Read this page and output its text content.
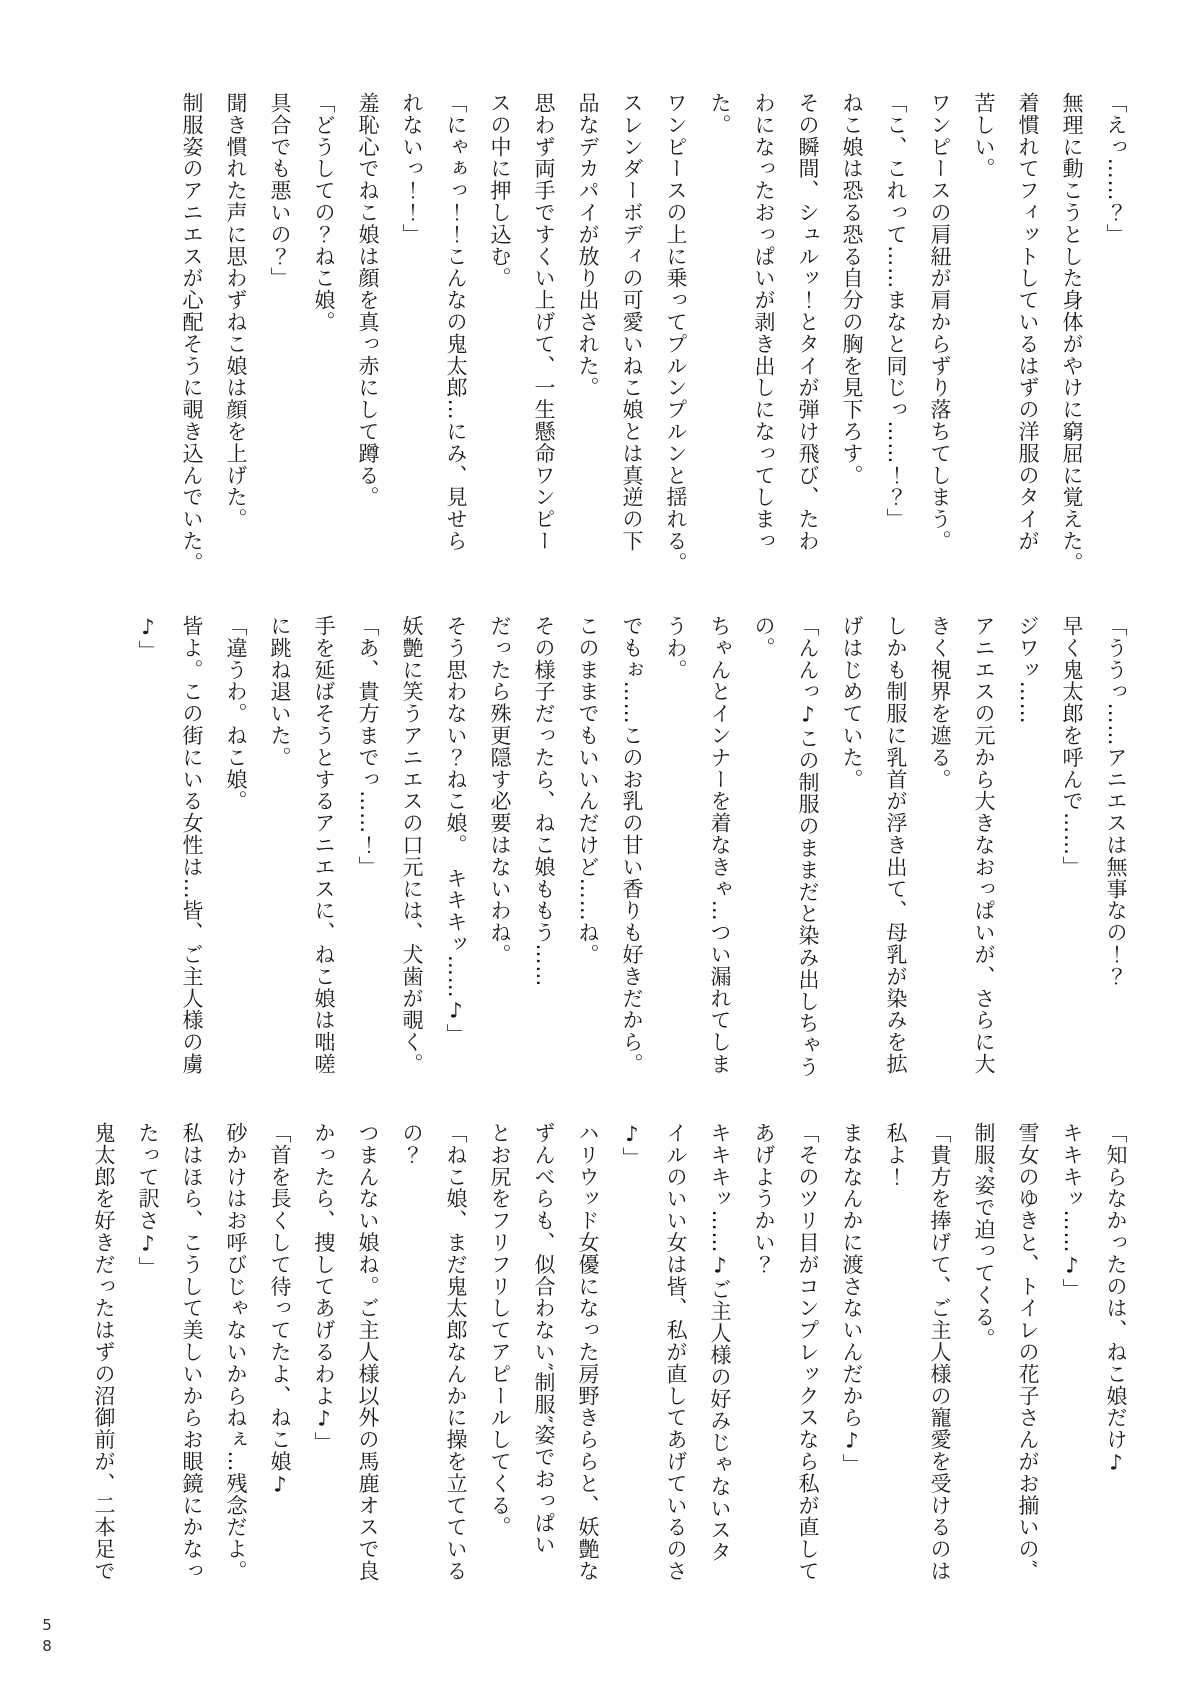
「えっ……？」
無理に動こうとした身体がやけに窮屈に覚えた。
着慣れてフィットしているはずの洋服のタイが
苦しい。
ワンピースの肩紐が肩からずり落ちてしまう。
「こ、これって……まなと同じっ……！？」
ねこ娘は恐る恐る自分の胸を見下ろす。
その瞬間、シュルッ！とタイが弾け飛び、たわ
わになったおっぱいが剥き出しになってしまっ
た。
ワンピースの上に乗ってプルンプルンと揺れる。
スレンダーボディの可愛いねこ娘とは真逆の下
品なデカパイが放り出された。
思わず両手ですくい上げて、一生懸命ワンピー
スの中に押し込む。
「にゃぁっ！！こんなの鬼太郎…にみ、見せら
れないっ！！」
羞恥心でねこ娘は顔を真っ赤にして蹲る。
「どうしての？ねこ娘。
具合でも悪いの？」
聞き慣れた声に思わずねこ娘は顔を上げた。
制服姿のアニエスが心配そうに覗き込んでいた。
「ううっ……アニエスは無事なの！？
早く鬼太郎を呼んで……」
ジワッ……
アニエスの元から大きなおっぱいが、さらに大
きく視界を遮る。
しかも制服に乳首が浮き出て、母乳が染みを拡
げはじめていた。
「んんっ♪この制服のままだと染み出しちゃう
の。
ちゃんとインナーを着なきゃ…つい漏れてしま
うわ。
でもぉ……このお乳の甘い香りも好きだから。
このままでもいいんだけど……ね。
その様子だったら、ねこ娘ももう……
だったら殊更隠す必要はないわね。
そう思わない？ねこ娘。　キキキッ……♪」
妖艶に笑うアニエスの口元には、犬歯が覗く。
「あ、貴方までっ……！」
手を延ばそうとするアニエスに、ねこ娘は咄嗟
に跳ね退いた。
「違うわ。ねこ娘。
皆よ。この街にいる女性は…皆、ご主人様の虜
♪」
「知らなかったのは、ねこ娘だけ♪
キキキッ……♪」
雪女のゆきと、トイレの花子さんがお揃いの″
制服″姿で迫ってくる。
「貴方を捧げて、ご主人様の寵愛を受けるのは
私よ！
まななんかに渡さないんだから♪」
「そのツリ目がコンプレックスなら私が直して
あげようかい？
キキキッ……♪ご主人様の好みじゃないスタ
イルのいい女は皆、私が直してあげているのさ
♪」
ハリウッド女優になった房野きららと、妖艶な
ずんべらも、似合わない″制服″姿でおっぱい
とお尻をフリフリしてアピールしてくる。
「ねこ娘、まだ鬼太郎なんかに操を立てている
の？
つまんない娘ね。ご主人様以外の馬鹿オスで良
かったら、捜してあげるわよ♪」
「首を長くして待ってたよ、ねこ娘♪
砂かけはお呼びじゃないからねぇ…残念だよ。
私はほら、こうして美しいからお眼鏡にかなっ
たって訳さ♪」
鬼太郎を好きだったはずの沼御前が、二本足で
58
